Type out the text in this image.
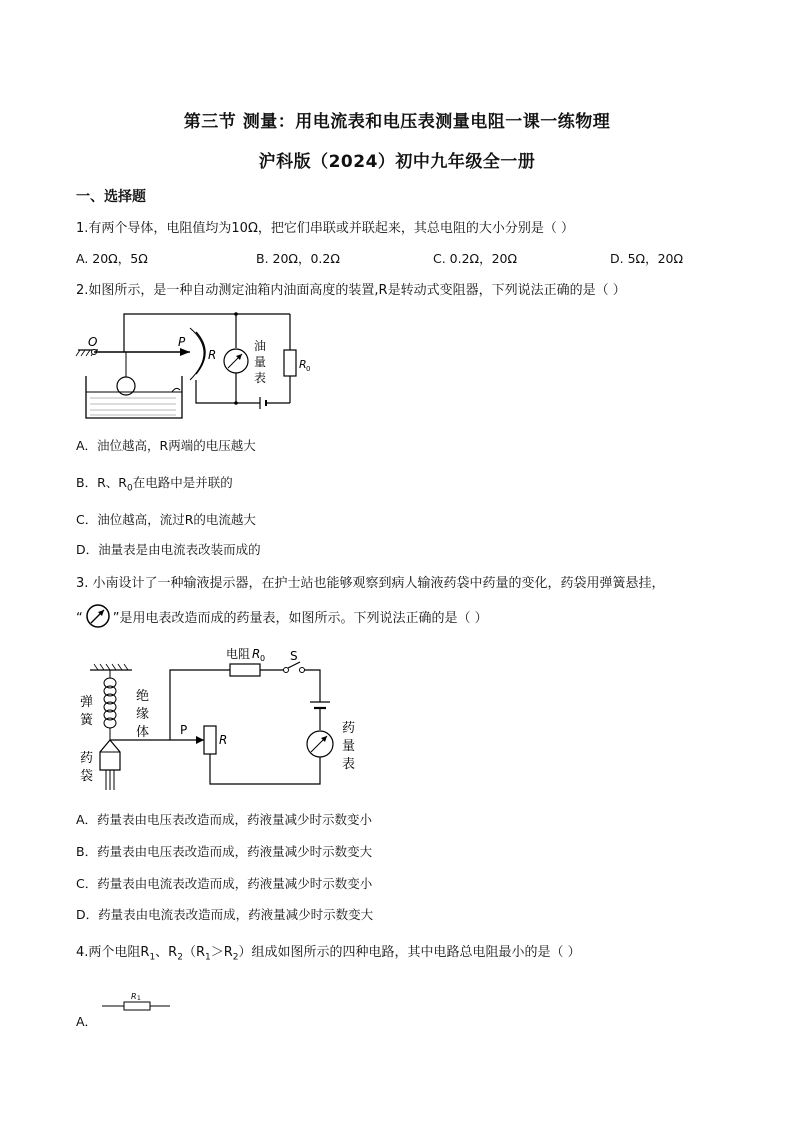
第三节 测量：用电流表和电压表测量电阻一课一练物理
沪科版（2024）初中九年级全一册
一、选择题
1.有两个导体，电阻值均为10Ω，把它们串联或并联起来，其总电阻的大小分别是（ ）
A. 20Ω，5Ω	B. 20Ω，0.2Ω	C. 0.2Ω，20Ω	D. 5Ω，20Ω
2.如图所示，是一种自动测定油箱内油面高度的装置,R是转动式变阻器，下列说法正确的是（ ）
O	P
R
油
量
表
R 0
A．油位越高，R两端的电压越大
B．R、$R_0$在电路中是并联的
C．油位越高，流过R的电流越大
D．油量表是由电流表改装而成的
3. 小南设计了一种输液提示器，在护士站也能够观察到病人输液药袋中药量的变化，药袋用弹簧悬挂，
“ ”是用电表改造而成的药量表，如图所示。下列说法正确的是（ ）
电阻 R 0 S
弹
簧
绝
缘
体
药
袋
P
R
药
量
表
A．药量表由电压表改造而成，药液量减少时示数变小
B．药量表由电压表改造而成，药液量减少时示数变大
C．药量表由电流表改造而成，药液量减少时示数变小
D．药量表由电流表改造而成，药液量减少时示数变大
4.两个电阻$R_1$、$R_2(R_1>R_2)$组成如图所示的四种电路，其中电路总电阻最小的是（ ）
A．
R 1
